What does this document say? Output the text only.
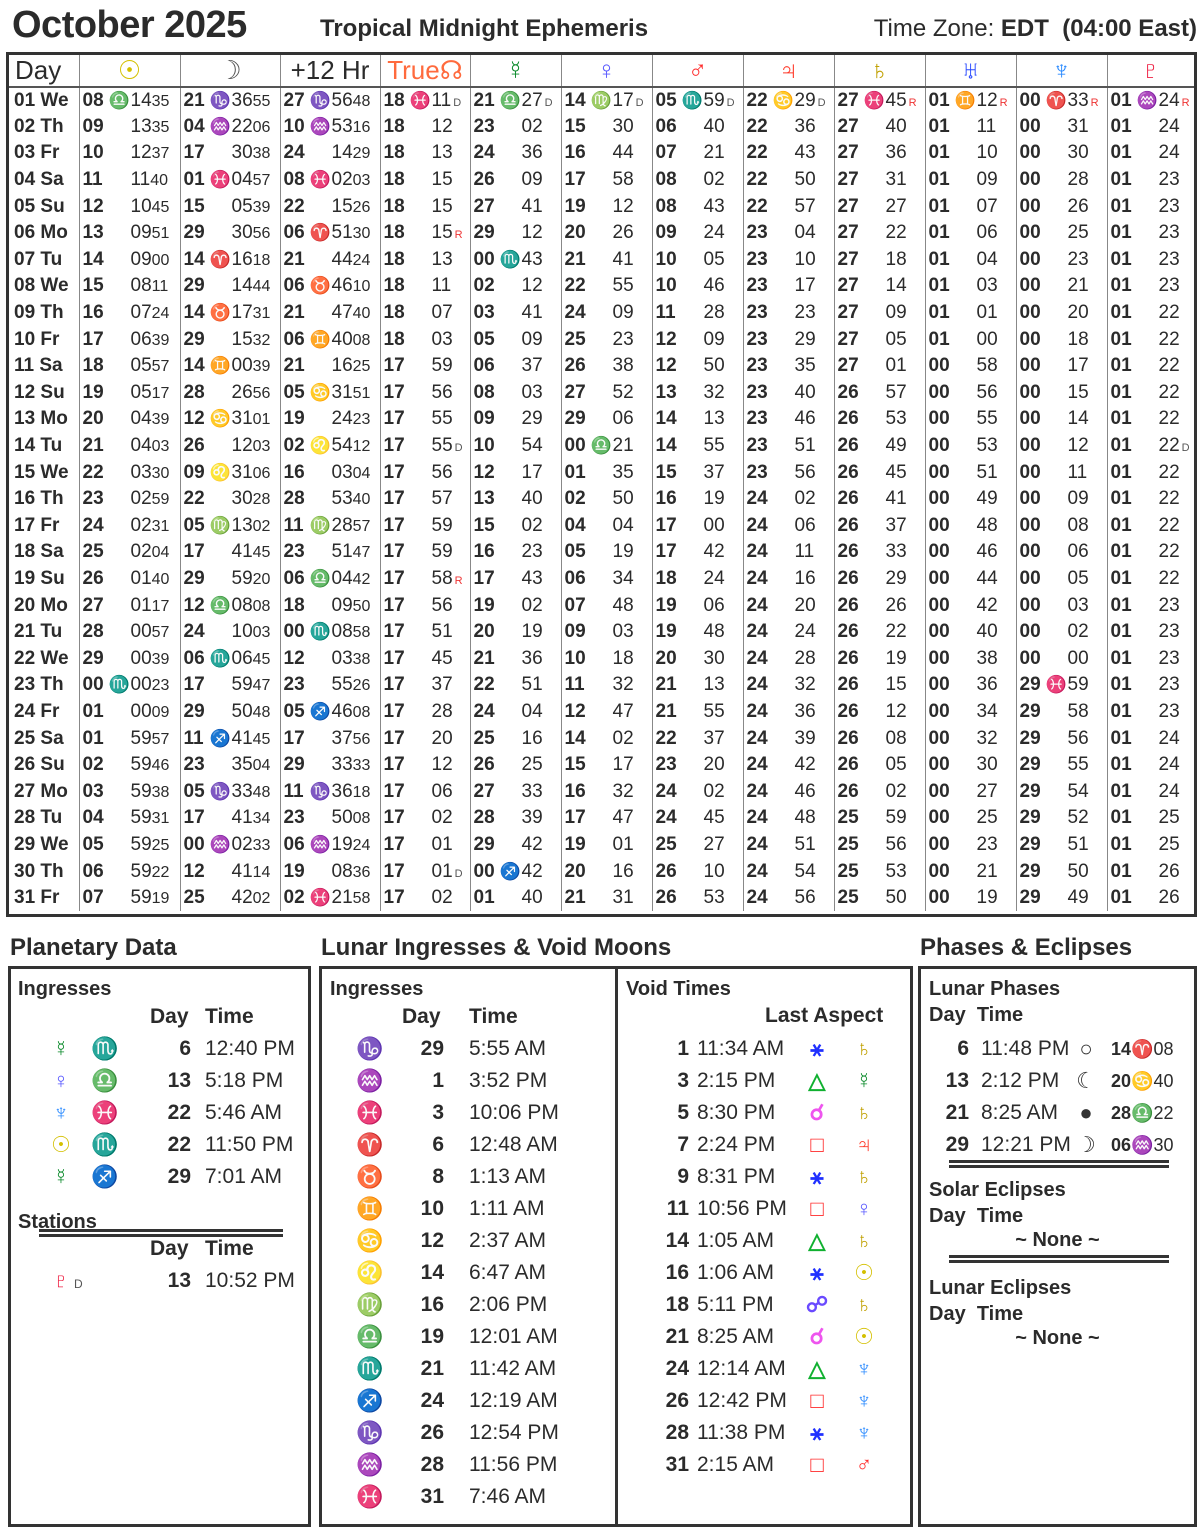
October 2025	Tropical Midnight Ephemeris	Time Zone: EDT (04:00 East)
Day	☉	☽	+12 Hr	True☊	☿	♀	♂	♃	♄	♅	♆	♇
01 We	08 ♎ 14 35	21 ♑ 36 55	27 ♑ 56 48	18 ♓ 11 D	21 ♎ 27 D	14 ♍ 17 D	05 ♏ 59 D	22 ♋ 29 D	27 ♓ 45 R	01 ♊ 12 R	00 ♈ 33 R	01 ♒ 24 R

02 Th	09 13 35	04 ♒ 22 06	10 ♒ 53 16	18 12	23 02	15 30	06 40	22 36	27 40	01 11	00 31	01 24

03 Fr	10 12 37	17 30 38	24 14 29	18 13	24 36	16 44	07 21	22 43	27 36	01 10	00 30	01 24

04 Sa	11 11 40	01 ♓ 04 57	08 ♓ 02 03	18 15	26 09	17 58	08 02	22 50	27 31	01 09	00 28	01 23

05 Su	12 10 45	15 05 39	22 15 26	18 15	27 41	19 12	08 43	22 57	27 27	01 07	00 26	01 23

06 Mo	13 09 51	29 30 56	06 ♈ 51 30	18 15 R	29 12	20 26	09 24	23 04	27 22	01 06	00 25	01 23

07 Tu	14 09 00	14 ♈ 16 18	21 44 24	18 13	00 ♏ 43	21 41	10 05	23 10	27 18	01 04	00 23	01 23

08 We	15 08 11	29 14 44	06 ♉ 46 10	18 11	02 12	22 55	10 46	23 17	27 14	01 03	00 21	01 23

09 Th	16 07 24	14 ♉ 17 31	21 47 40	18 07	03 41	24 09	11 28	23 23	27 09	01 01	00 20	01 22

10 Fr	17 06 39	29 15 32	06 ♊ 40 08	18 03	05 09	25 23	12 09	23 29	27 05	01 00	00 18	01 22

11 Sa	18 05 57	14 ♊ 00 39	21 16 25	17 59	06 37	26 38	12 50	23 35	27 01	00 58	00 17	01 22

12 Su	19 05 17	28 26 56	05 ♋ 31 51	17 56	08 03	27 52	13 32	23 40	26 57	00 56	00 15	01 22

13 Mo	20 04 39	12 ♋ 31 01	19 24 23	17 55	09 29	29 06	14 13	23 46	26 53	00 55	00 14	01 22

14 Tu	21 04 03	26 12 03	02 ♌ 54 12	17 55 D	10 54	00 ♎ 21	14 55	23 51	26 49	00 53	00 12	01 22 D

15 We	22 03 30	09 ♌ 31 06	16 03 04	17 56	12 17	01 35	15 37	23 56	26 45	00 51	00 11	01 22

16 Th	23 02 59	22 30 28	28 53 40	17 57	13 40	02 50	16 19	24 02	26 41	00 49	00 09	01 22

17 Fr	24 02 31	05 ♍ 13 02	11 ♍ 28 57	17 59	15 02	04 04	17 00	24 06	26 37	00 48	00 08	01 22

18 Sa	25 02 04	17 41 45	23 51 47	17 59	16 23	05 19	17 42	24 11	26 33	00 46	00 06	01 22

19 Su	26 01 40	29 59 20	06 ♎ 04 42	17 58 R	17 43	06 34	18 24	24 16	26 29	00 44	00 05	01 22

20 Mo	27 01 17	12 ♎ 08 08	18 09 50	17 56	19 02	07 48	19 06	24 20	26 26	00 42	00 03	01 23

21 Tu	28 00 57	24 10 03	00 ♏ 08 58	17 51	20 19	09 03	19 48	24 24	26 22	00 40	00 02	01 23

22 We	29 00 39	06 ♏ 06 45	12 03 38	17 45	21 36	10 18	20 30	24 28	26 19	00 38	00 00	01 23

23 Th	00 ♏ 00 23	17 59 47	23 55 26	17 37	22 51	11 32	21 13	24 32	26 15	00 36	29 ♓ 59	01 23

24 Fr	01 00 09	29 50 48	05 ♐ 46 08	17 28	24 04	12 47	21 55	24 36	26 12	00 34	29 58	01 23

25 Sa	01 59 57	11 ♐ 41 45	17 37 56	17 20	25 16	14 02	22 37	24 39	26 08	00 32	29 56	01 24

26 Su	02 59 46	23 35 04	29 33 33	17 12	26 25	15 17	23 20	24 42	26 05	00 30	29 55	01 24

27 Mo	03 59 38	05 ♑ 33 48	11 ♑ 36 18	17 06	27 33	16 32	24 02	24 46	26 02	00 27	29 54	01 24

28 Tu	04 59 31	17 41 34	23 50 08	17 02	28 39	17 47	24 45	24 48	25 59	00 25	29 52	01 25

29 We	05 59 25	00 ♒ 02 33	06 ♒ 19 24	17 01	29 42	19 01	25 27	24 51	25 56	00 23	29 51	01 25

30 Th	06 59 22	12 41 14	19 08 36	17 01 D	00 ♐ 42	20 16	26 10	24 54	25 53	00 21	29 50	01 26

31 Fr	07 59 19	25 42 02	02 ♓ 21 58	17 02	01 40	21 31	26 53	24 56	25 50	00 19	29 49	01 26
Planetary Data
Ingresses
Day Time
☿ ♏	6 12:40 PM
♀ ♎	13 5:18 PM
♆ ♓	22 5:46 AM
☉ ♏	22 11:50 PM
☿ ♐	29 7:01 AM
Stations
Day Time
♇ D	13 10:52 PM
Lunar Ingresses & Void Moons
Ingresses
Day Time
♑	29 5:55 AM
♒	1 3:52 PM
♓	3 10:06 PM
♈	6 12:48 AM
♉	8 1:13 AM
♊	10 1:11 AM
♋	12 2:37 AM
♌	14 6:47 AM
♍	16 2:06 PM
♎	19 12:01 AM
♏	21 11:42 AM
♐	24 12:19 AM
♑	26 12:54 PM
♒	28 11:56 PM
♓	31 7:46 AM
Void Times
Last Aspect
1 11:34 AM	⚹	♄
3 2:15 PM △ ☿
5 8:30 PM	☌	♄
7 2:24 PM	□	♃
9 8:31 PM	⚹	♄
11 10:56 PM	□	♀
14 1:05 AM △ ♄
16 1:06 AM	⚹	☉
18 5:11 PM ☍ ♄
21 8:25 AM	☌	☉
24 12:14 AM △ ♆
26 12:42 PM	□	♆
28 11:38 PM	⚹	♆
31 2:15 AM	□	♂
Phases & Eclipses
Lunar Phases
Day Time
6 11:48 PM ○	14♈08
13 2:12 PM ☾ 20♋40
21 8:25 AM ●	28♎22
29 12:21 PM ☽ 06♒30
Solar Eclipses
Day Time
~ None ~
Lunar Eclipses
Day Time
~ None ~
